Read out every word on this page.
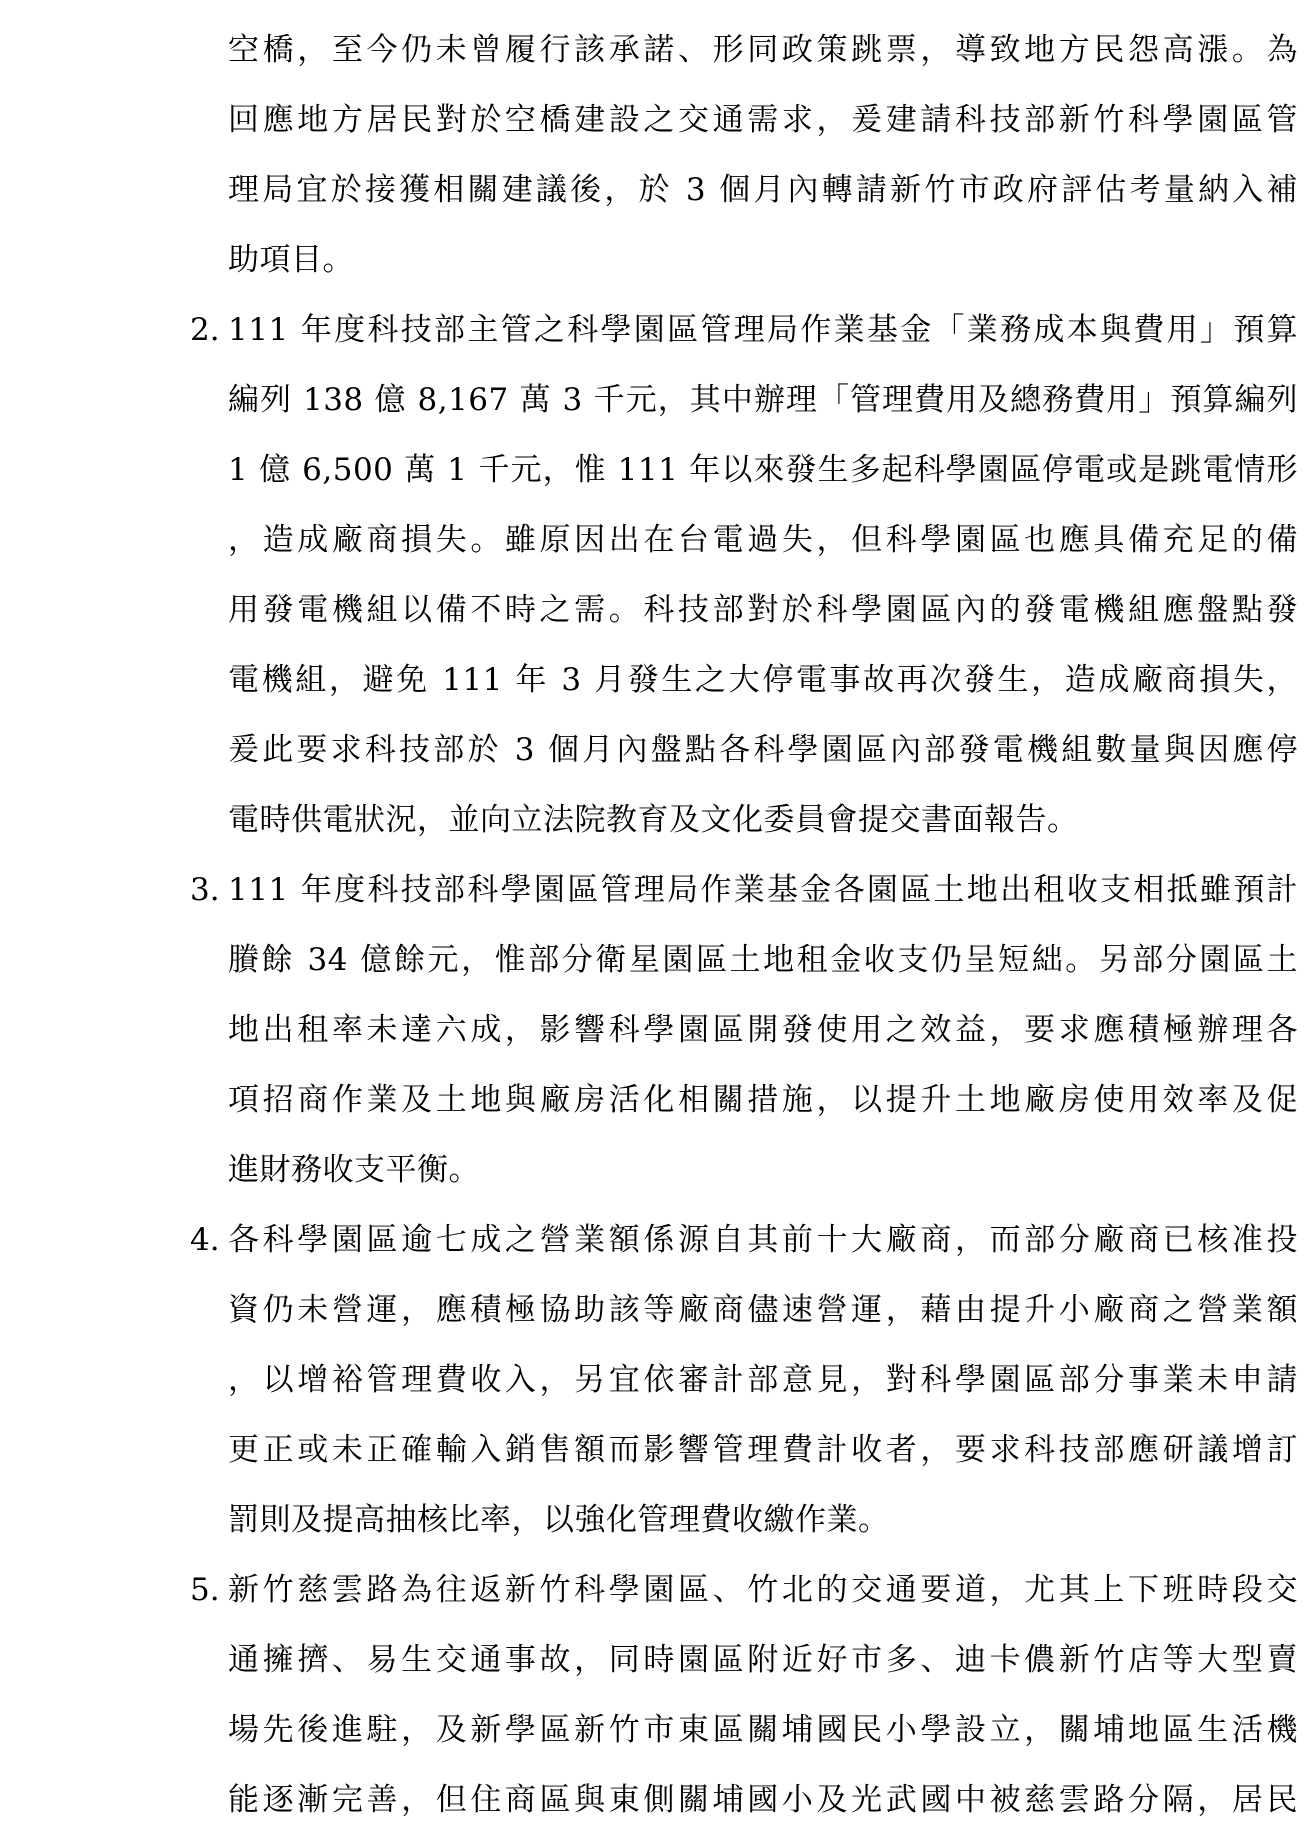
空橋，至今仍未曾履行該承諾、形同政策跳票，導致地方民怨高漲。為
回應地方居民對於空橋建設之交通需求，爰建請科技部新竹科學園區管
理局宜於接獲相關建議後，於 3 個月內轉請新竹市政府評估考量納入補
助項目。
2. 111 年度科技部主管之科學園區管理局作業基金「業務成本與費用」預算
編列 138 億 8,167 萬 3 千元，其中辦理「管理費用及總務費用」預算編列
1 億 6,500 萬 1 千元，惟 111 年以來發生多起科學園區停電或是跳電情形
，造成廠商損失。雖原因出在台電過失，但科學園區也應具備充足的備
用發電機組以備不時之需。科技部對於科學園區內的發電機組應盤點發
電機組，避免 111 年 3 月發生之大停電事故再次發生，造成廠商損失，
爰此要求科技部於 3 個月內盤點各科學園區內部發電機組數量與因應停
電時供電狀況，並向立法院教育及文化委員會提交書面報告。
3. 111 年度科技部科學園區管理局作業基金各園區土地出租收支相抵雖預計
賸餘 34 億餘元，惟部分衛星園區土地租金收支仍呈短絀。另部分園區土
地出租率未達六成，影響科學園區開發使用之效益，要求應積極辦理各
項招商作業及土地與廠房活化相關措施，以提升土地廠房使用效率及促
進財務收支平衡。
4. 各科學園區逾七成之營業額係源自其前十大廠商，而部分廠商已核准投
資仍未營運，應積極協助該等廠商儘速營運，藉由提升小廠商之營業額
，以增裕管理費收入，另宜依審計部意見，對科學園區部分事業未申請
更正或未正確輸入銷售額而影響管理費計收者，要求科技部應研議增訂
罰則及提高抽核比率，以強化管理費收繳作業。
5. 新竹慈雲路為往返新竹科學園區、竹北的交通要道，尤其上下班時段交
通擁擠、易生交通事故，同時園區附近好市多、迪卡儂新竹店等大型賣
場先後進駐，及新學區新竹市東區關埔國民小學設立，關埔地區生活機
能逐漸完善，但住商區與東側關埔國小及光武國中被慈雲路分隔，居民
